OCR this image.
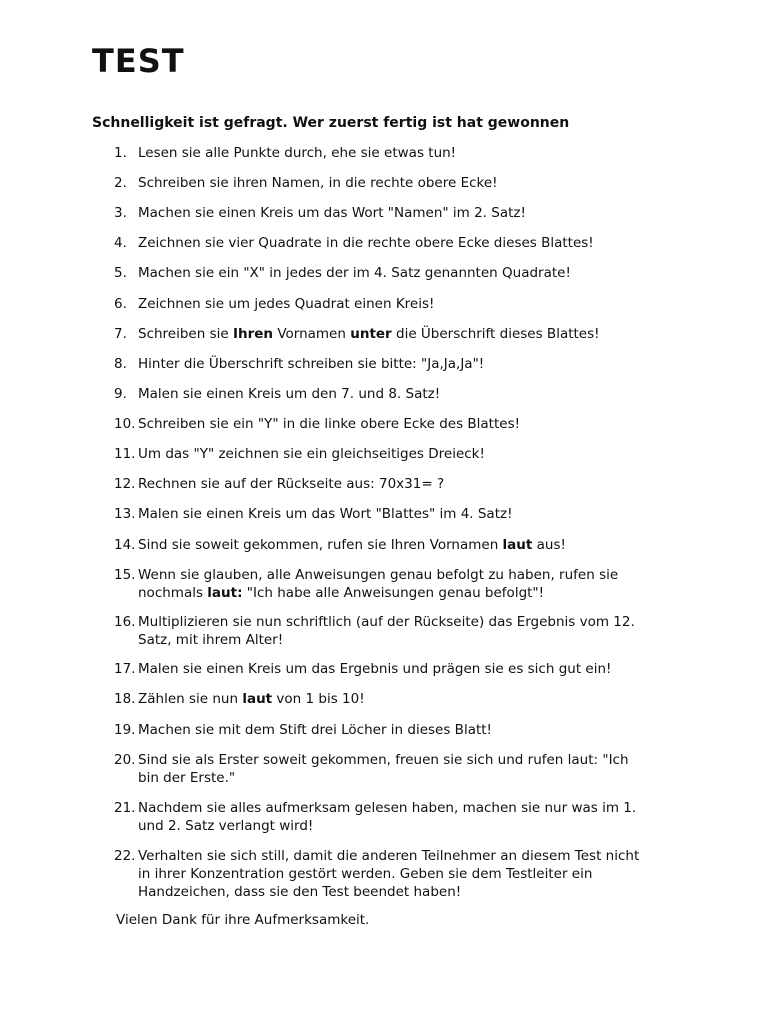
TEST

Schnelligkeit ist gefragt. Wer zuerst fertig ist hat gewonnen

1. Lesen sie alle Punkte durch, ehe sie etwas tun!
2. Schreiben sie ihren Namen, in die rechte obere Ecke!
3. Machen sie einen Kreis um das Wort "Namen" im 2. Satz!
4. Zeichnen sie vier Quadrate in die rechte obere Ecke dieses Blattes!
5. Machen sie ein "X" in jedes der im 4. Satz genannten Quadrate!
6. Zeichnen sie um jedes Quadrat einen Kreis!
7. Schreiben sie Ihren Vornamen unter die Überschrift dieses Blattes!
8. Hinter die Überschrift schreiben sie bitte: "Ja,Ja,Ja"!
9. Malen sie einen Kreis um den 7. und 8. Satz!
10. Schreiben sie ein "Y" in die linke obere Ecke des Blattes!
11. Um das "Y" zeichnen sie ein gleichseitiges Dreieck!
12. Rechnen sie auf der Rückseite aus: 70x31= ?
13. Malen sie einen Kreis um das Wort "Blattes" im 4. Satz!
14. Sind sie soweit gekommen, rufen sie Ihren Vornamen laut aus!
15. Wenn sie glauben, alle Anweisungen genau befolgt zu haben, rufen sie
nochmals laut: "Ich habe alle Anweisungen genau befolgt"!
16. Multiplizieren sie nun schriftlich (auf der Rückseite) das Ergebnis vom 12.
Satz, mit ihrem Alter!
17. Malen sie einen Kreis um das Ergebnis und prägen sie es sich gut ein!
18. Zählen sie nun laut von 1 bis 10!
19. Machen sie mit dem Stift drei Löcher in dieses Blatt!
20. Sind sie als Erster soweit gekommen, freuen sie sich und rufen laut: "Ich
bin der Erste."
21. Nachdem sie alles aufmerksam gelesen haben, machen sie nur was im 1.
und 2. Satz verlangt wird!
22. Verhalten sie sich still, damit die anderen Teilnehmer an diesem Test nicht
in ihrer Konzentration gestört werden. Geben sie dem Testleiter ein
Handzeichen, dass sie den Test beendet haben!

Vielen Dank für ihre Aufmerksamkeit.
